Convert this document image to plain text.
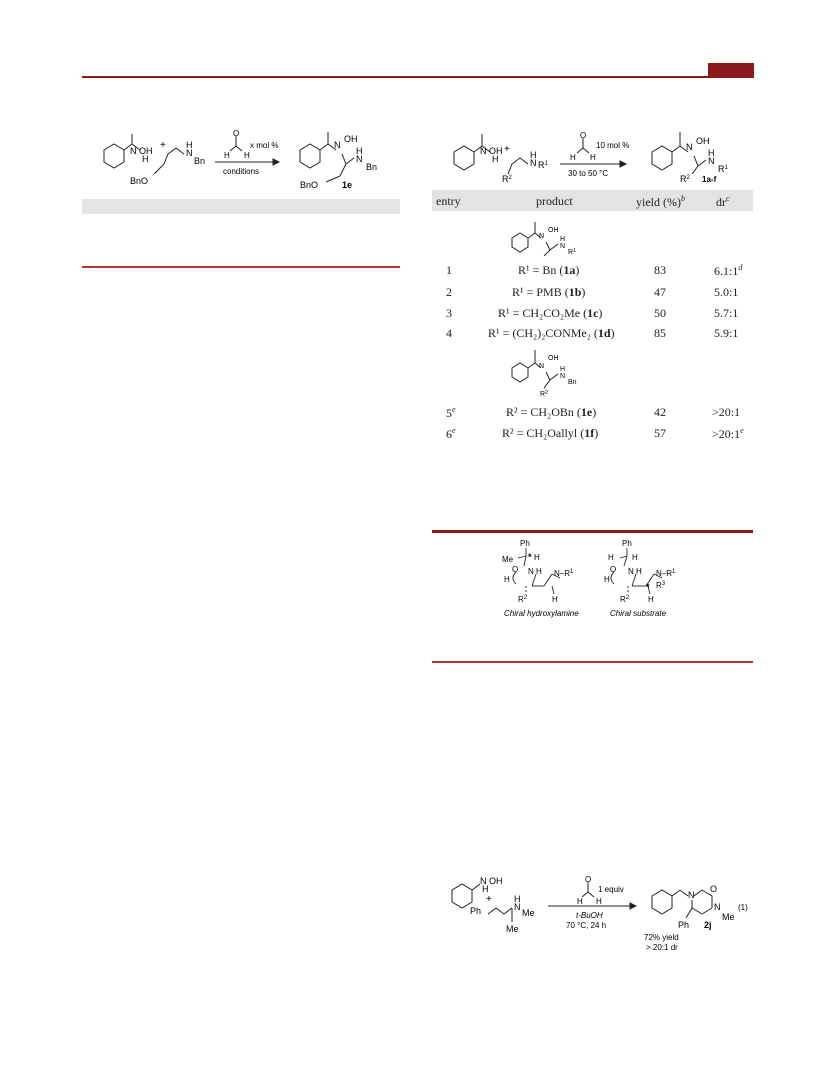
N OH
H
+
N
H
Bn
BnO
O
H H
x mol %
conditions
N
OH
N
H
Bn
BnO	1e
N OH
H
+
N
H
$R^1$
$R^2$
O
H H
10 mol %
30 to 50 °C
N
OH
N
H
$R^1$
$R^2$ 1a-f
entry	product	yield (%)$^b$	$dr^c$
N
OH
N
H
$R^1$
1	R¹ = Bn (1a)	83	6.1:1$^d$
2	R¹ = PMB (1b)	47	5.0:1
3	R¹ = CH₂CO₂Me (1c)	50	5.7:1
4	R¹ = (CH₂)₂CONMe₂ (1d)	85	5.9:1
N
OH
N
H
Bn
$R^2$
5e	R² = CH₂OBn (1e)	42	>20:1
6e	R² = CH₂Oallyl (1f)	57	$>20:1^e$
Ph
Me * H
O N H $N-R^1$
H
$R^2$	H
Chiral hydroxylamine
Ph
H H
O N H $N-R^1$
H
* $R^3$
$R^2$ H
Chiral substrate
N OH
H
+
Ph	N
H
Me
Me
O
H H
1 equiv
t-BuOH
70 °C, 24 h
N
O
N
Me
Ph 2j
72% yield
> 20:1 dr
(1)
